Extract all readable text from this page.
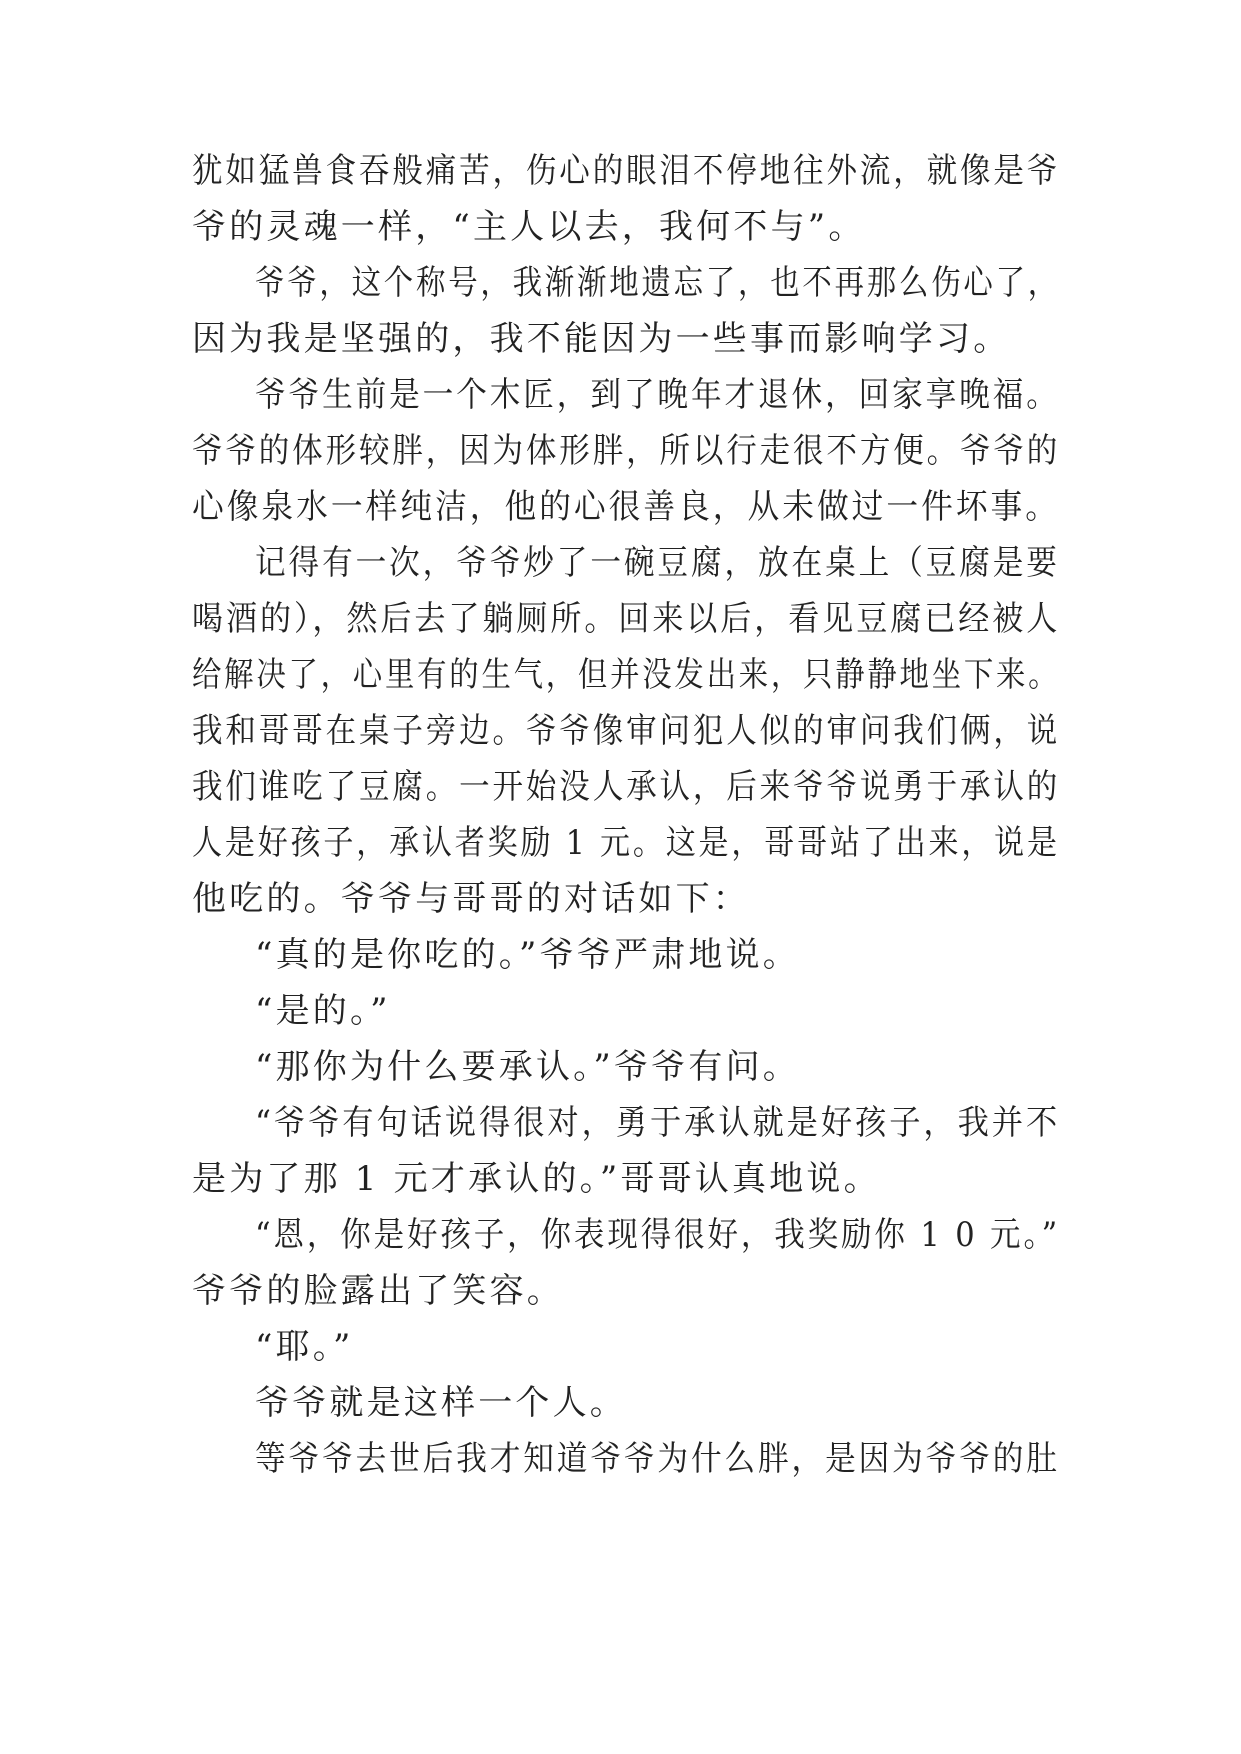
犹如猛兽食吞般痛苦，伤心的眼泪不停地往外流，就像是爷
爷的灵魂一样，“主人以去，我何不与”。
爷爷，这个称号，我渐渐地遗忘了，也不再那么伤心了，
因为我是坚强的，我不能因为一些事而影响学习。
爷爷生前是一个木匠，到了晚年才退休，回家享晚福。
爷爷的体形较胖，因为体形胖，所以行走很不方便。爷爷的
心像泉水一样纯洁，他的心很善良，从未做过一件坏事。
记得有一次，爷爷炒了一碗豆腐，放在桌上（豆腐是要
喝酒的），然后去了躺厕所。回来以后，看见豆腐已经被人
给解决了，心里有的生气，但并没发出来，只静静地坐下来。
我和哥哥在桌子旁边。爷爷像审问犯人似的审问我们俩，说
我们谁吃了豆腐。一开始没人承认，后来爷爷说勇于承认的
人是好孩子，承认者奖励 1 元。这是，哥哥站了出来，说是
他吃的。爷爷与哥哥的对话如下：
“真的是你吃的。”爷爷严肃地说。
“是的。”
“那你为什么要承认。”爷爷有问。
“爷爷有句话说得很对，勇于承认就是好孩子，我并不
是为了那 1 元才承认的。”哥哥认真地说。
“恩，你是好孩子，你表现得很好，我奖励你 1 0 元。”
爷爷的脸露出了笑容。
“耶。”
爷爷就是这样一个人。
等爷爷去世后我才知道爷爷为什么胖，是因为爷爷的肚
